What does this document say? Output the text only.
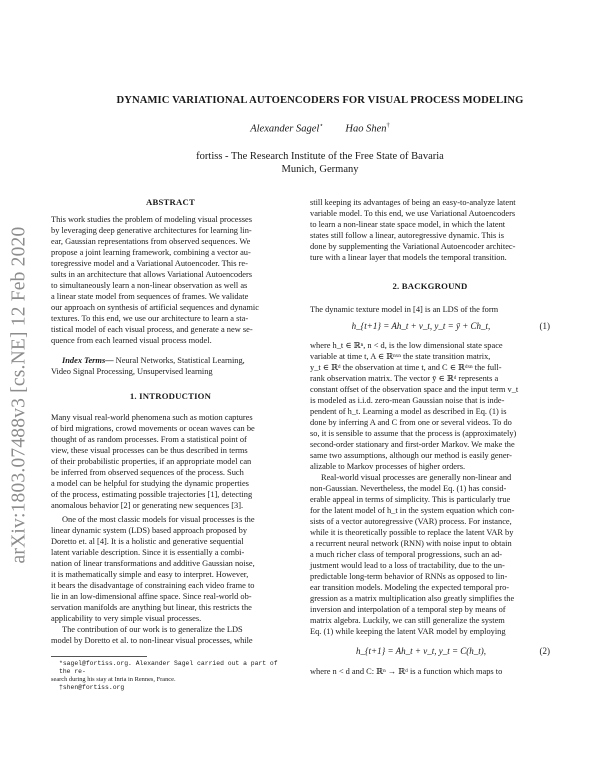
arXiv:1803.07488v3 [cs.NE] 12 Feb 2020
DYNAMIC VARIATIONAL AUTOENCODERS FOR VISUAL PROCESS MODELING
Alexander Sagel⋆ Hao Shen†
fortiss - The Research Institute of the Free State of Bavaria
Munich, Germany
ABSTRACT
This work studies the problem of modeling visual processes
by leveraging deep generative architectures for learning lin-
ear, Gaussian representations from observed sequences. We
propose a joint learning framework, combining a vector au-
toregressive model and a Variational Autoencoder. This re-
sults in an architecture that allows Variational Autoencoders
to simultaneously learn a non-linear observation as well as
a linear state model from sequences of frames. We validate
our approach on synthesis of artificial sequences and dynamic
textures. To this end, we use our architecture to learn a sta-
tistical model of each visual process, and generate a new se-
quence from each learned visual process model.

Index Terms— Neural Networks, Statistical Learning,
Video Signal Processing, Unsupervised learning

1. INTRODUCTION
Many visual real-world phenomena such as motion captures
of bird migrations, crowd movements or ocean waves can be
thought of as random processes. From a statistical point of
view, these visual processes can be thus described in terms
of their probabilistic properties, if an appropriate model can
be inferred from observed sequences of the process. Such
a model can be helpful for studying the dynamic properties
of the process, estimating possible trajectories [1], detecting
anomalous behavior [2] or generating new sequences [3].
One of the most classic models for visual processes is the
linear dynamic system (LDS) based approach proposed by
Doretto et. al [4]. It is a holistic and generative sequential
latent variable description. Since it is essentially a combi-
nation of linear transformations and additive Gaussian noise,
it is mathematically simple and easy to interpret. However,
it bears the disadvantage of constraining each video frame to
lie in an low-dimensional affine space. Since real-world ob-
servation manifolds are anything but linear, this restricts the
applicability to very simple visual processes.
The contribution of our work is to generalize the LDS
model by Doretto et al. to non-linear visual processes, while

*sagel@fortiss.org. Alexander Sagel carried out a part of the re-

search during his stay at Inria in Rennes, France.

†shen@fortiss.org

still keeping its advantages of being an easy-to-analyze latent
variable model. To this end, we use Variational Autoencoders
to learn a non-linear state space model, in which the latent
states still follow a linear, autoregressive dynamic. This is
done by supplementing the Variational Autoencoder architec-
ture with a linear layer that models the temporal transition.
2. BACKGROUND
The dynamic texture model in [4] is an LDS of the form
h_{t+1} = Ah_t + v_t, y_t = ȳ + Ch_t,	(1)
where h_t ∈ ℝⁿ, n < d, is the low dimensional state space
variable at time t, A ∈ ℝⁿˣⁿ the state transition matrix,
y_t ∈ ℝᵈ the observation at time t, and C ∈ ℝᵈˣⁿ the full-
rank observation matrix. The vector ȳ ∈ ℝᵈ represents a
constant offset of the observation space and the input term v_t
is modeled as i.i.d. zero-mean Gaussian noise that is inde-
pendent of h_t. Learning a model as described in Eq. (1) is
done by inferring A and C from one or several videos. To do
so, it is sensible to assume that the process is (approximately)
second-order stationary and first-order Markov. We make the
same two assumptions, although our method is easily gener-
alizable to Markov processes of higher orders.
Real-world visual processes are generally non-linear and
non-Gaussian. Nevertheless, the model Eq. (1) has consid-
erable appeal in terms of simplicity. This is particularly true
for the latent model of h_t in the system equation which con-
sists of a vector autoregressive (VAR) process. For instance,
while it is theoretically possible to replace the latent VAR by
a recurrent neural network (RNN) with noise input to obtain
a much richer class of temporal progressions, such an ad-
justment would lead to a loss of tractability, due to the un-
predictable long-term behavior of RNNs as opposed to lin-
ear transition models. Modeling the expected temporal pro-
gression as a matrix multiplication also greatly simplifies the
inversion and interpolation of a temporal step by means of
matrix algebra. Luckily, we can still generalize the system
Eq. (1) while keeping the latent VAR model by employing
h_{t+1} = Ah_t + v_t, y_t = C(h_t),	(2)
where n < d and C: ℝⁿ → ℝᵈ is a function which maps to
